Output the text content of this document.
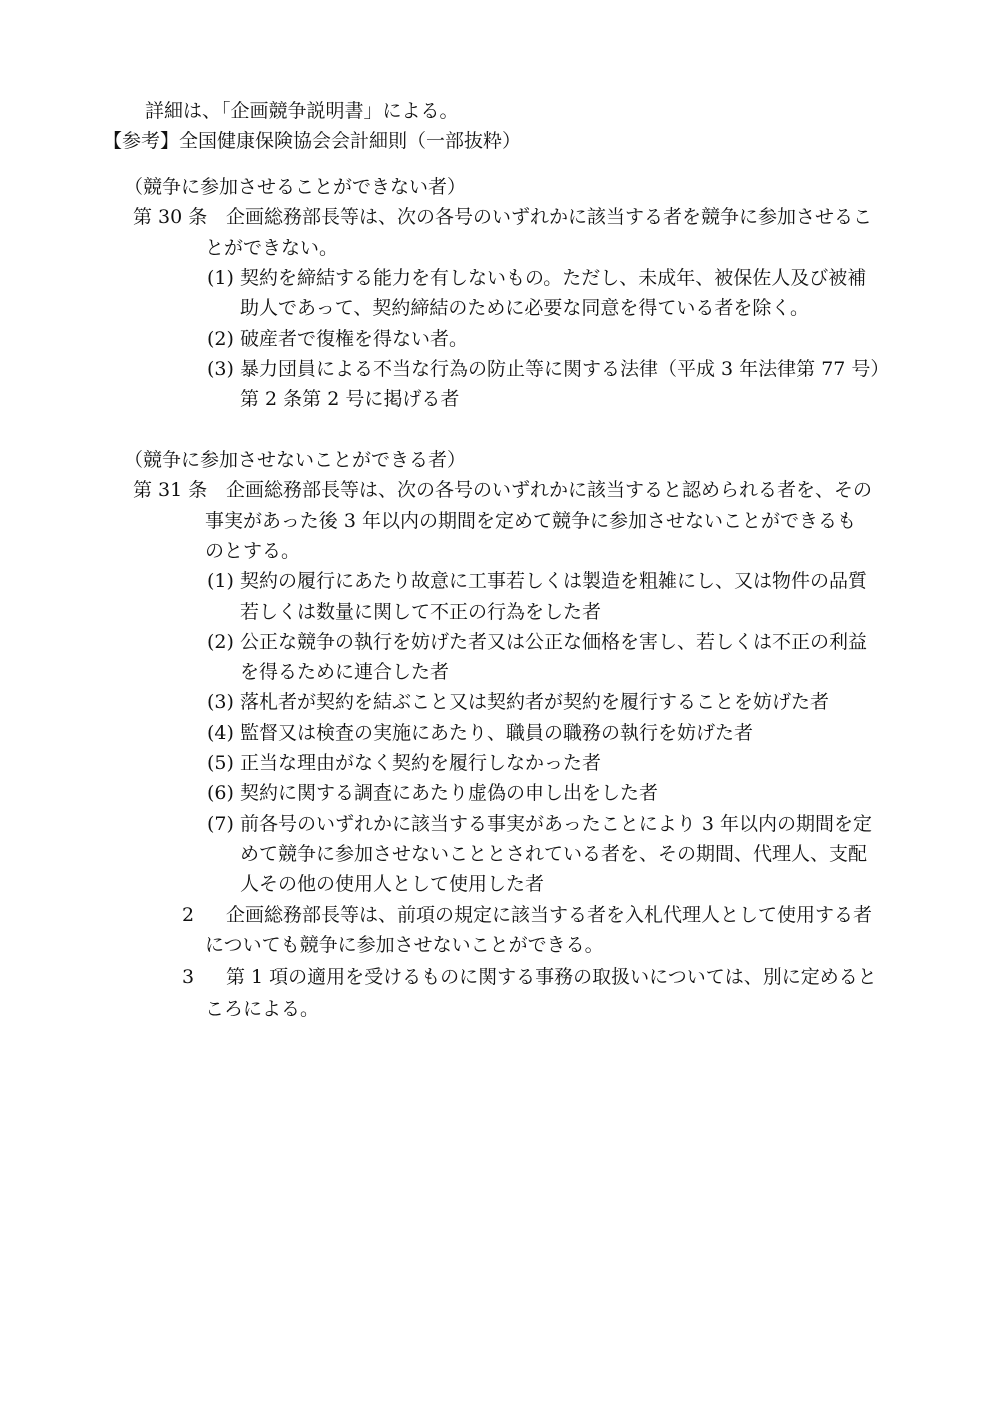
詳細は、「企画競争説明書」による。
【参考】全国健康保険協会会計細則（一部抜粋）
（競争に参加させることができない者）
第 30 条 企画総務部長等は、次の各号のいずれかに該当する者を競争に参加させるこ
とができない。
(1) 契約を締結する能力を有しないもの。ただし、未成年、被保佐人及び被補
助人であって、契約締結のために必要な同意を得ている者を除く。
(2) 破産者で復権を得ない者。
(3) 暴力団員による不当な行為の防止等に関する法律（平成 3 年法律第 77 号）
第 2 条第 2 号に掲げる者
（競争に参加させないことができる者）
第 31 条 企画総務部長等は、次の各号のいずれかに該当すると認められる者を、その
事実があった後 3 年以内の期間を定めて競争に参加させないことができるも
のとする。
(1) 契約の履行にあたり故意に工事若しくは製造を粗雑にし、又は物件の品質
若しくは数量に関して不正の行為をした者
(2) 公正な競争の執行を妨げた者又は公正な価格を害し、若しくは不正の利益
を得るために連合した者
(3) 落札者が契約を結ぶこと又は契約者が契約を履行することを妨げた者
(4) 監督又は検査の実施にあたり、職員の職務の執行を妨げた者
(5) 正当な理由がなく契約を履行しなかった者
(6) 契約に関する調査にあたり虚偽の申し出をした者
(7) 前各号のいずれかに該当する事実があったことにより 3 年以内の期間を定
めて競争に参加させないこととされている者を、その期間、代理人、支配
人その他の使用人として使用した者
2 企画総務部長等は、前項の規定に該当する者を入札代理人として使用する者
についても競争に参加させないことができる。
3 第 1 項の適用を受けるものに関する事務の取扱いについては、別に定めると
ころによる。
